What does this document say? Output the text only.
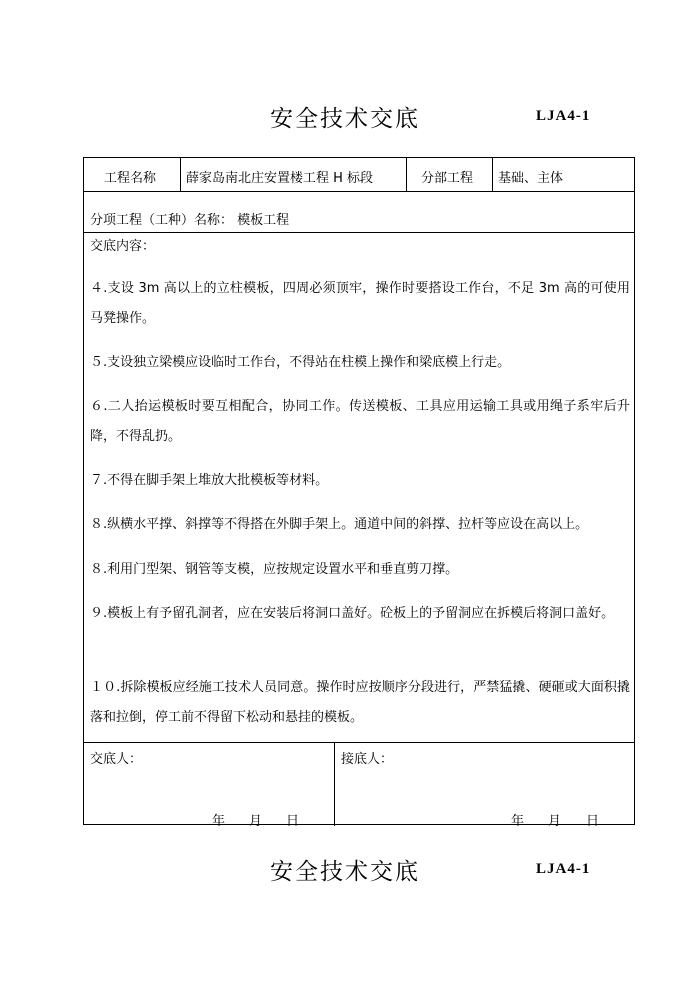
安全技术交底	LJA4-1
工程名称 薛家岛南北庄安置楼工程 H 标段	分部工程 基础、主体
分项工程（工种）名称： 模板工程
交底内容：
４.支设 3m 高以上的立柱模板，四周必须顶牢，操作时要搭设工作台，不足 3m 高的可使用马凳操作。
５.支设独立梁模应设临时工作台，不得站在柱模上操作和梁底模上行走。
６.二人抬运模板时要互相配合，协同工作。传送模板、工具应用运输工具或用绳子系牢后升降，不得乱扔。
７.不得在脚手架上堆放大批模板等材料。
８.纵横水平撑、斜撑等不得搭在外脚手架上。通道中间的斜撑、拉杆等应设在高以上。
８.利用门型架、钢管等支模，应按规定设置水平和垂直剪刀撑。
９.模板上有予留孔洞者，应在安装后将洞口盖好。砼板上的予留洞应在拆模后将洞口盖好。
１０.拆除模板应经施工技术人员同意。操作时应按顺序分段进行，严禁猛撬、硬砸或大面积撬落和拉倒，停工前不得留下松动和悬挂的模板。
交底人：
年 月 日
接底人：
年 月 日
安全技术交底	LJA4-1
